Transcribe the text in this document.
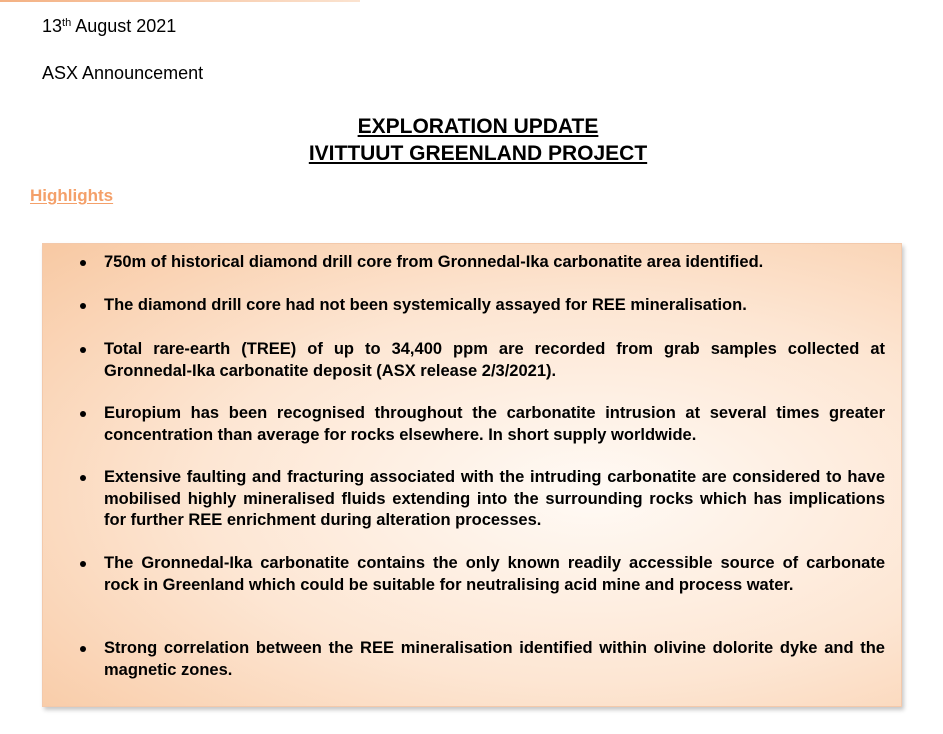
13th August 2021
ASX Announcement
EXPLORATION UPDATE
IVITTUUT GREENLAND PROJECT
Highlights
750m of historical diamond drill core from Gronnedal-Ika carbonatite area identified.
The diamond drill core had not been systemically assayed for REE mineralisation.
Total rare-earth (TREE) of up to 34,400 ppm are recorded from grab samples collected at Gronnedal-Ika carbonatite deposit (ASX release 2/3/2021).
Europium has been recognised throughout the carbonatite intrusion at several times greater concentration than average for rocks elsewhere. In short supply worldwide.
Extensive faulting and fracturing associated with the intruding carbonatite are considered to have mobilised highly mineralised fluids extending into the surrounding rocks which has implications for further REE enrichment during alteration processes.
The Gronnedal-Ika carbonatite contains the only known readily accessible source of carbonate rock in Greenland which could be suitable for neutralising acid mine and process water.
Strong correlation between the REE mineralisation identified within olivine dolorite dyke and the magnetic zones.
